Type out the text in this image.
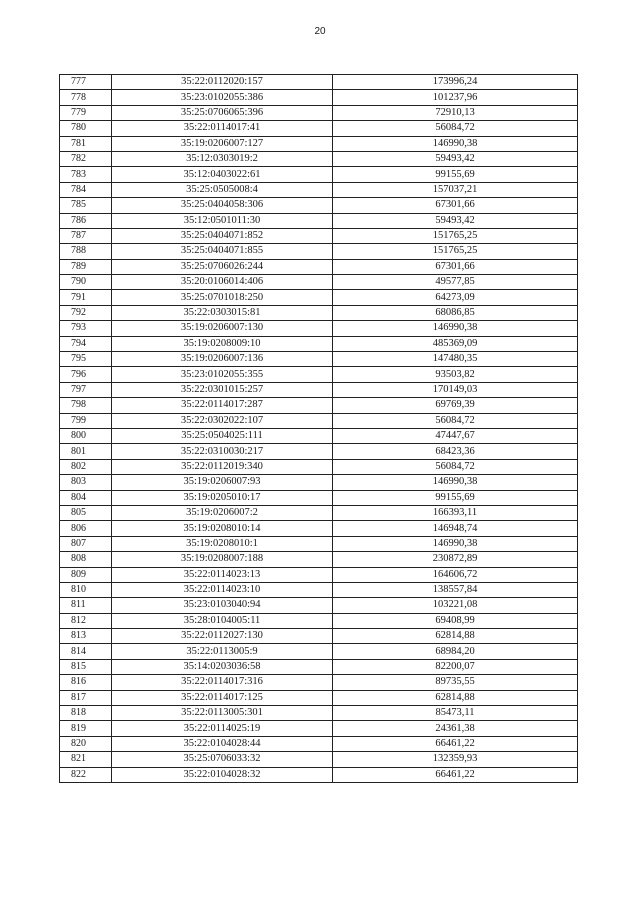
20
777	35:22:0112020:157	173996,24
778	35:23:0102055:386	101237,96
779	35:25:0706065:396	72910,13
780	35:22:0114017:41	56084,72
781	35:19:0206007:127	146990,38
782	35:12:0303019:2	59493,42
783	35:12:0403022:61	99155,69
784	35:25:0505008:4	157037,21
785	35:25:0404058:306	67301,66
786	35:12:0501011:30	59493,42
787	35:25:0404071:852	151765,25
788	35:25:0404071:855	151765,25
789	35:25:0706026:244	67301,66
790	35:20:0106014:406	49577,85
791	35:25:0701018:250	64273,09
792	35:22:0303015:81	68086,85
793	35:19:0206007:130	146990,38
794	35:19:0208009:10	485369,09
795	35:19:0206007:136	147480,35
796	35:23:0102055:355	93503,82
797	35:22:0301015:257	170149,03
798	35:22:0114017:287	69769,39
799	35:22:0302022:107	56084,72
800	35:25:0504025:111	47447,67
801	35:22:0310030:217	68423,36
802	35:22:0112019:340	56084,72
803	35:19:0206007:93	146990,38
804	35:19:0205010:17	99155,69
805	35:19:0206007:2	166393,11
806	35:19:0208010:14	146948,74
807	35:19:0208010:1	146990,38
808	35:19:0208007:188	230872,89
809	35:22:0114023:13	164606,72
810	35:22:0114023:10	138557,84
811	35:23:0103040:94	103221,08
812	35:28:0104005:11	69408,99
813	35:22:0112027:130	62814,88
814	35:22:0113005:9	68984,20
815	35:14:0203036:58	82200,07
816	35:22:0114017:316	89735,55
817	35:22:0114017:125	62814,88
818	35:22:0113005:301	85473,11
819	35:22:0114025:19	24361,38
820	35:22:0104028:44	66461,22
821	35:25:0706033:32	132359,93
822	35:22:0104028:32	66461,22
